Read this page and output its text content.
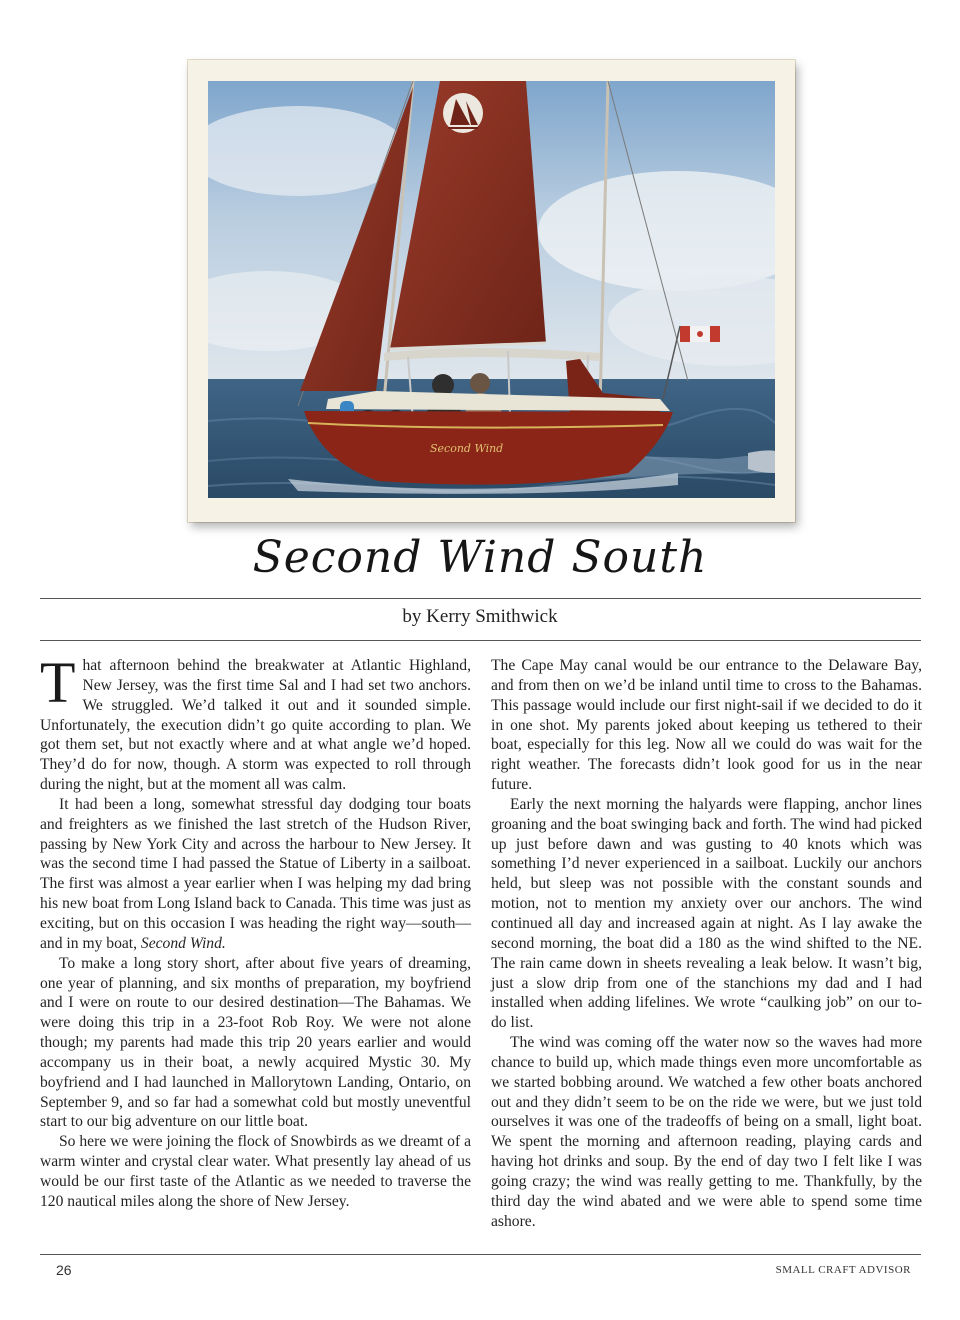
Second Wind
Second Wind South
by Kerry Smithwick

That afternoon behind the breakwater at Atlantic Highland, New Jersey, was the first time Sal and I had set two anchors. We struggled. We’d talked it out and it sounded simple. Unfortunately, the execution didn’t go quite according to plan. We got them set, but not exactly where and at what angle we’d hoped. They’d do for now, though. A storm was expected to roll through during the night, but at the moment all was calm.

It had been a long, somewhat stressful day dodging tour boats and freighters as we finished the last stretch of the Hudson River, passing by New York City and across the harbour to New Jersey. It was the second time I had passed the Statue of Liberty in a sailboat. The first was almost a year earlier when I was helping my dad bring his new boat from Long Island back to Canada. This time was just as exciting, but on this occasion I was heading the right way—south—and in my boat, Second Wind.

To make a long story short, after about five years of dreaming, one year of planning, and six months of preparation, my boyfriend and I were on route to our desired destination—The Bahamas. We were doing this trip in a 23-foot Rob Roy. We were not alone though; my parents had made this trip 20 years earlier and would accompany us in their boat, a newly acquired Mystic 30. My boyfriend and I had launched in Mallorytown Landing, Ontario, on September 9, and so far had a somewhat cold but mostly uneventful start to our big adventure on our little boat.

So here we were joining the flock of Snowbirds as we dreamt of a warm winter and crystal clear water. What presently lay ahead of us would be our first taste of the Atlantic as we needed to traverse the 120 nautical miles along the shore of New Jersey.

The Cape May canal would be our entrance to the Delaware Bay, and from then on we’d be inland until time to cross to the Bahamas. This passage would include our first night-sail if we decided to do it in one shot. My parents joked about keeping us tethered to their boat, especially for this leg. Now all we could do was wait for the right weather. The forecasts didn’t look good for us in the near future.

Early the next morning the halyards were flapping, anchor lines groaning and the boat swinging back and forth. The wind had picked up just before dawn and was gusting to 40 knots which was something I’d never experienced in a sailboat. Luckily our anchors held, but sleep was not possible with the constant sounds and motion, not to mention my anxiety over our anchors. The wind continued all day and increased again at night. As I lay awake the second morning, the boat did a 180 as the wind shifted to the NE. The rain came down in sheets revealing a leak below. It wasn’t big, just a slow drip from one of the stanchions my dad and I had installed when adding lifelines. We wrote “caulking job” on our to-do list.

The wind was coming off the water now so the waves had more chance to build up, which made things even more uncomfortable as we started bobbing around. We watched a few other boats anchored out and they didn’t seem to be on the ride we were, but we just told ourselves it was one of the tradeoffs of being on a small, light boat. We spent the morning and afternoon reading, playing cards and having hot drinks and soup. By the end of day two I felt like I was going crazy; the wind was really getting to me. Thankfully, by the third day the wind abated and we were able to spend some time ashore.

26	SMALL CRAFT ADVISOR
